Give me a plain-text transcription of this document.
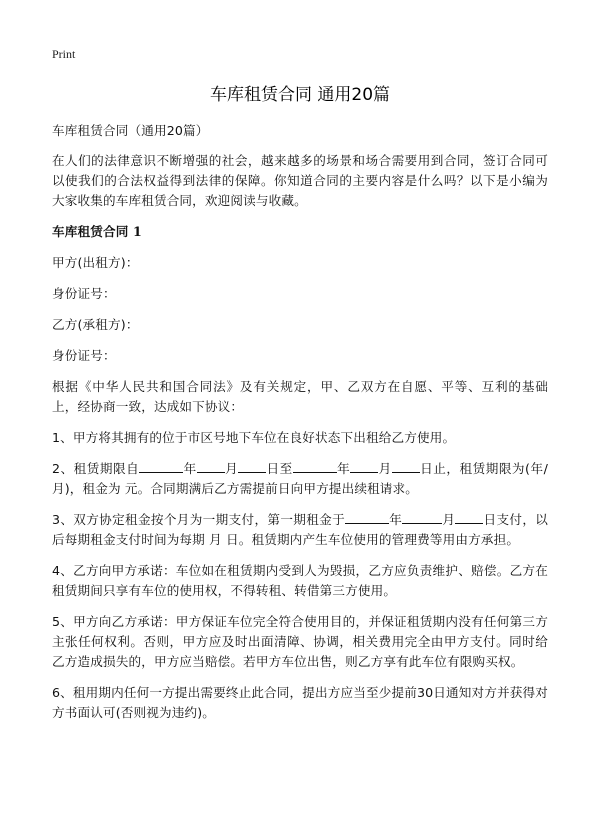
Print
车库租赁合同 通用20篇

车库租赁合同（通用20篇）

在人们的法律意识不断增强的社会，越来越多的场景和场合需要用到合同，签订合同可以使我们的合法权益得到法律的保障。你知道合同的主要内容是什么吗？以下是小编为大家收集的车库租赁合同，欢迎阅读与收藏。

车库租赁合同 1

甲方(出租方)：

身份证号：

乙方(承租方)：

身份证号：

根据《中华人民共和国合同法》及有关规定，甲、乙双方在自愿、平等、互利的基础上，经协商一致，达成如下协议：

1、甲方将其拥有的位于市区号地下车位在良好状态下出租给乙方使用。

2、租赁期限自	年 月 日至	年 月 日止，租赁期限为(年/月)，租金为 元。合同期满后乙方需提前日向甲方提出续租请求。

3、双方协定租金按个月为一期支付，第一期租金于	年	月 日支付，以后每期租金支付时间为每期 月 日。租赁期内产生车位使用的管理费等用由方承担。

4、乙方向甲方承诺：车位如在租赁期内受到人为毁损，乙方应负责维护、赔偿。乙方在租赁期间只享有车位的使用权，不得转租、转借第三方使用。

5、甲方向乙方承诺：甲方保证车位完全符合使用目的，并保证租赁期内没有任何第三方主张任何权利。否则，甲方应及时出面清障、协调，相关费用完全由甲方支付。同时给乙方造成损失的，甲方应当赔偿。若甲方车位出售，则乙方享有此车位有限购买权。

6、租用期内任何一方提出需要终止此合同，提出方应当至少提前30日通知对方并获得对方书面认可(否则视为违约)。
